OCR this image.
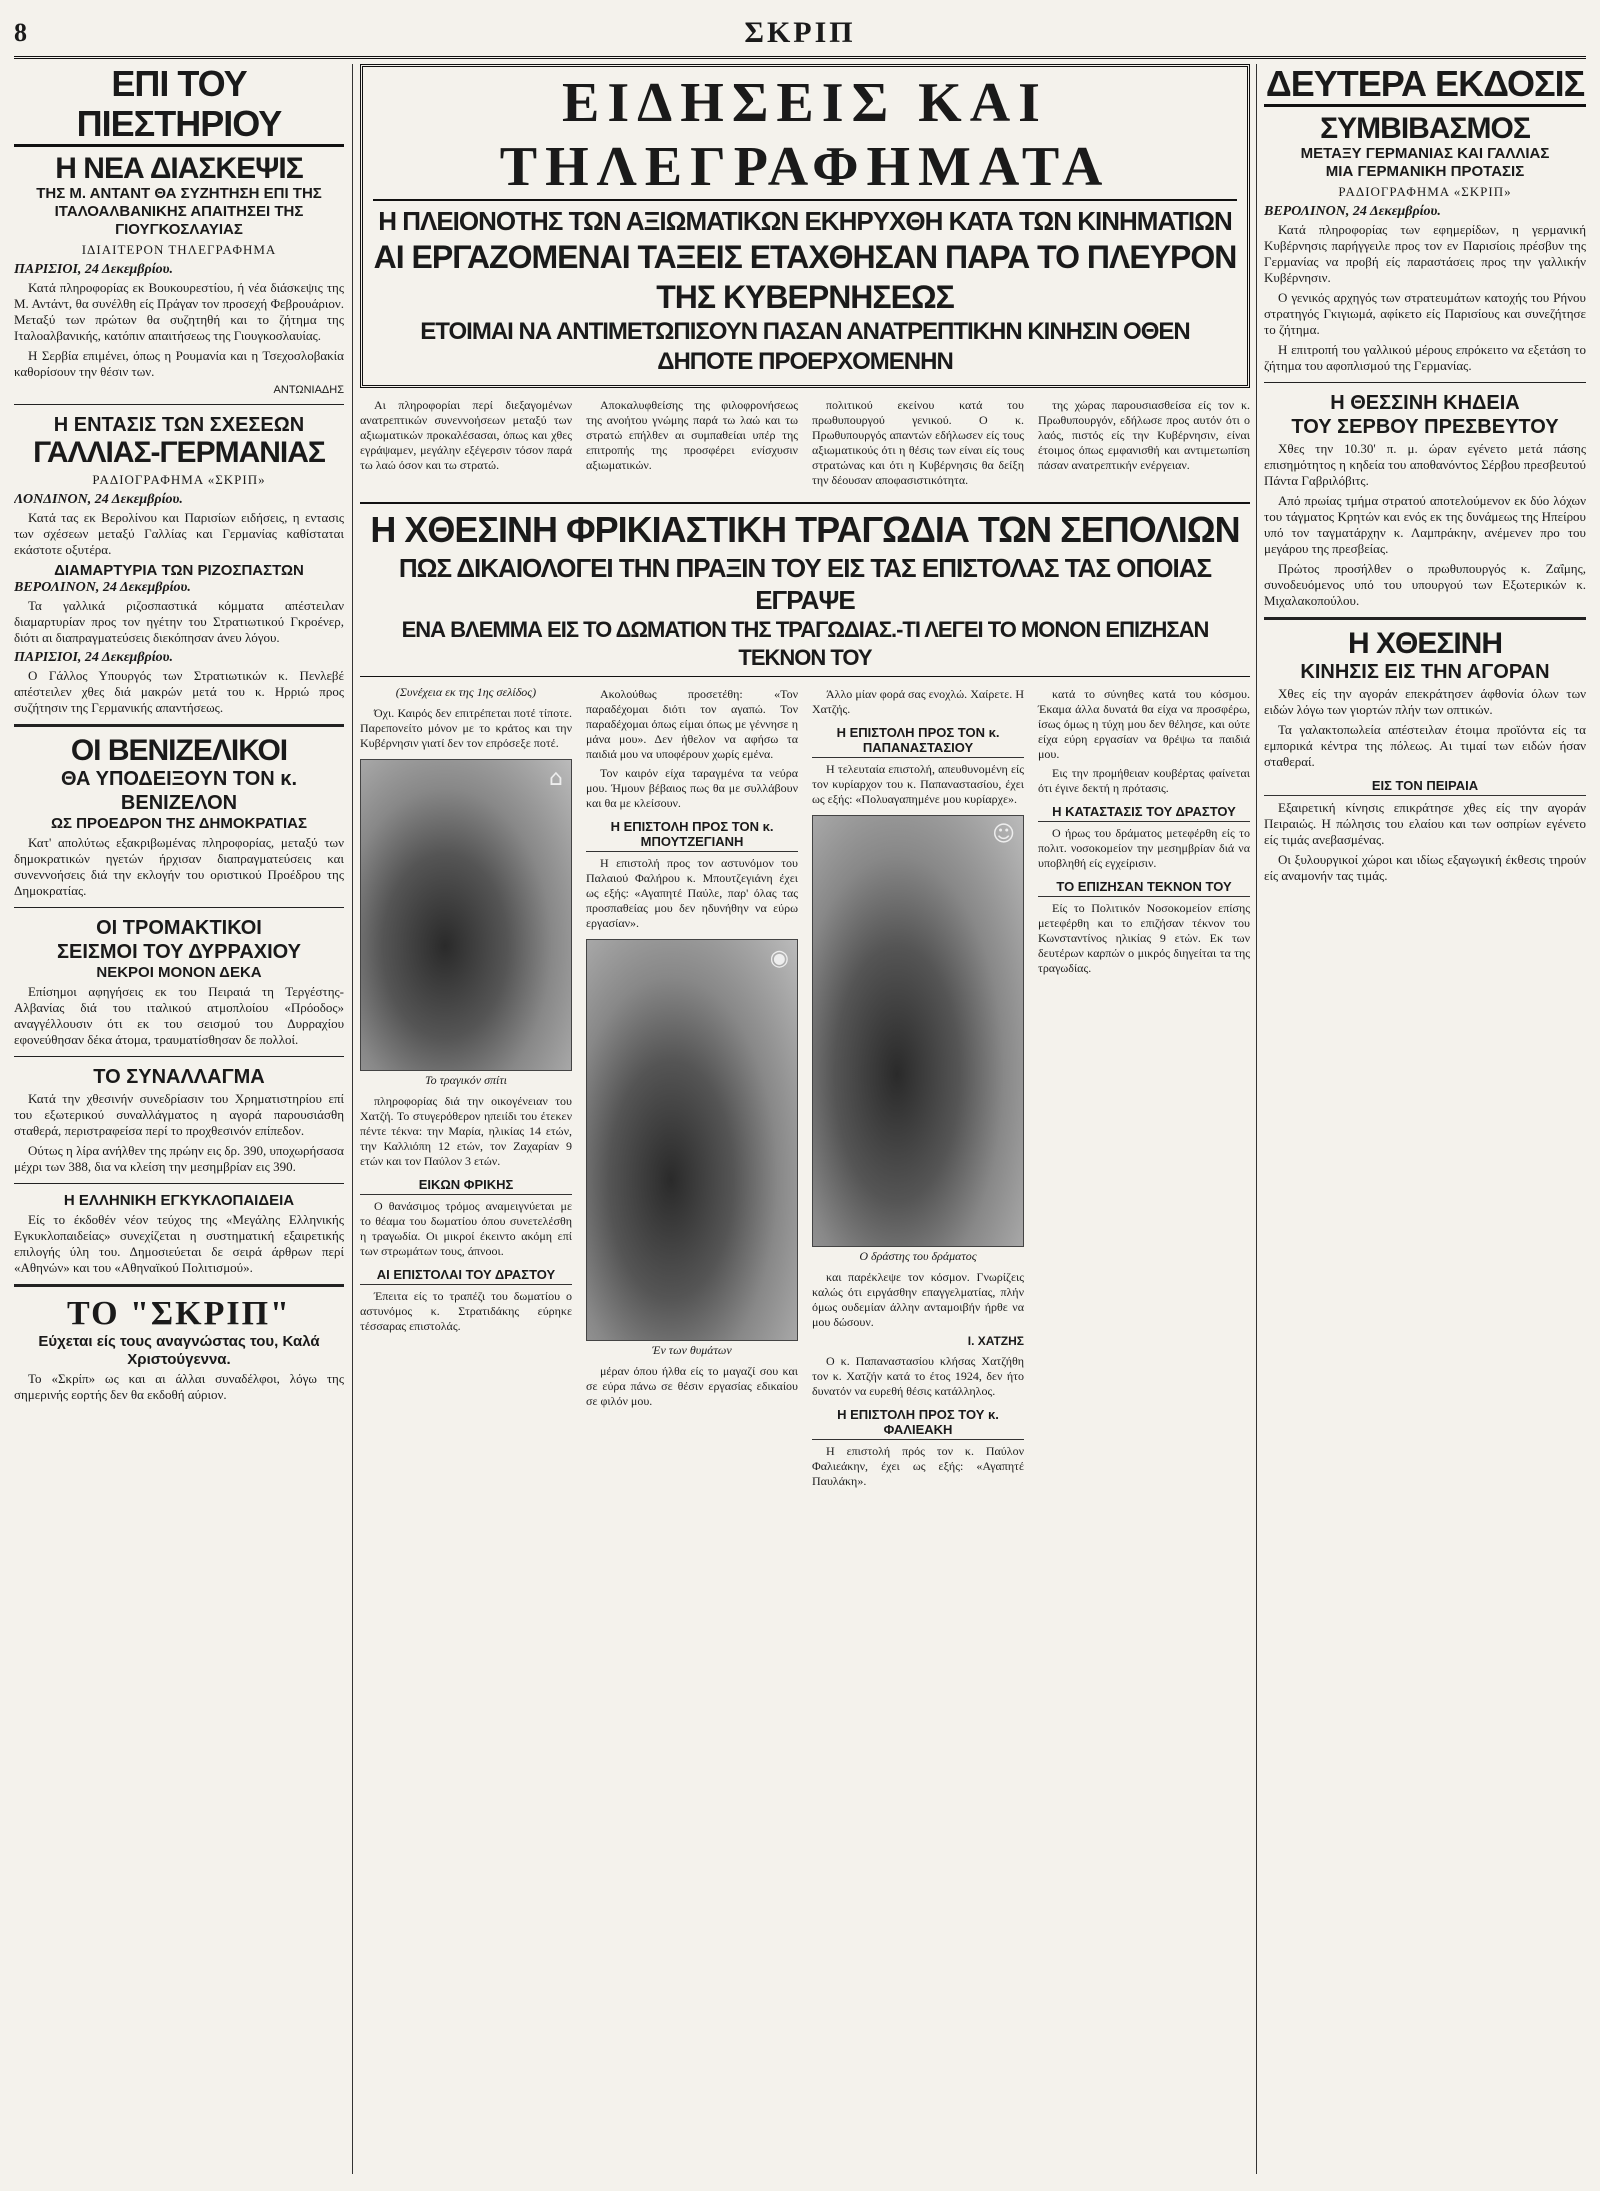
8	ΣΚΡΙΠ
ΕΠΙ ΤΟΥ ΠΙΕΣΤΗΡΙΟΥ
Η ΝΕΑ ΔΙΑΣΚΕΨΙΣ
ΤΗΣ Μ. ΑΝΤΑΝΤ ΘΑ ΣΥΖΗΤΗΣΗ ΕΠΙ ΤΗΣ ΙΤΑΛΟΑΛΒΑΝΙΚΗΣ ΑΠΑΙΤΗΣΕΙ ΤΗΣ ΓΙΟΥΓΚΟΣΛΑΥΙΑΣ
ΙΔΙΑΙΤΕΡΟΝ ΤΗΛΕΓΡΑΦΗΜΑ
ΠΑΡΙΣΙΟΙ, 24 Δεκεμβρίου.

Κατά πληροφορίας εκ Βουκουρεστίου, ή νέα διάσκεψις της Μ. Αντάντ, θα συνέλθη είς Πράγαν τον προσεχή Φεβρουάριον. Μεταξύ των πρώτων θα συζητηθή και το ζήτημα της Ιταλοαλβανικής, κατόπιν απαιτήσεως της Γιουγκοσλαυίας.

Η Σερβία επιμένει, όπως η Ρουμανία και η Τσεχοσλοβακία καθορίσουν την θέσιν των.

ΑΝΤΩΝΙΑΔΗΣ
Η ΕΝΤΑΣΙΣ ΤΩΝ ΣΧΕΣΕΩΝ
ΓΑΛΛΙΑΣ-ΓΕΡΜΑΝΙΑΣ
ΡΑΔΙΟΓΡΑΦΗΜΑ «ΣΚΡΙΠ»
ΛΟΝΔΙΝΟΝ, 24 Δεκεμβρίου.

Κατά τας εκ Βερολίνου και Παρισίων ειδήσεις, η εντασις των σχέσεων μεταξύ Γαλλίας και Γερμανίας καθίσταται εκάστοτε οξυτέρα.

ΔΙΑΜΑΡΤΥΡΙΑ ΤΩΝ ΡΙΖΟΣΠΑΣΤΩΝ
ΒΕΡΟΛΙΝΟΝ, 24 Δεκεμβρίου.

Τα γαλλικά ριζοσπαστικά κόμματα απέστειλαν διαμαρτυρίαν προς τον ηγέτην του Στρατιωτικού Γκροένερ, διότι αι διαπραγματεύσεις διεκόπησαν άνευ λόγου.

ΠΑΡΙΣΙΟΙ, 24 Δεκεμβρίου.

Ο Γάλλος Υπουργός των Στρατιωτικών κ. Πενλεβέ απέστειλεν χθες διά μακρών μετά του κ. Ηρριώ προς συζήτησιν της Γερμανικής απαντήσεως.

ΟΙ ΒΕΝΙΖΕΛΙΚΟΙ
ΘΑ ΥΠΟΔΕΙΞΟΥΝ ΤΟΝ κ. ΒΕΝΙΖΕΛΟΝ
ΩΣ ΠΡΟΕΔΡΟΝ ΤΗΣ ΔΗΜΟΚΡΑΤΙΑΣ

Κατ' απολύτως εξακριβωμένας πληροφορίας, μεταξύ των δημοκρατικών ηγετών ήρχισαν διαπραγματεύσεις και συνεννοήσεις διά την εκλογήν του οριστικού Προέδρου της Δημοκρατίας.

ΟΙ ΤΡΟΜΑΚΤΙΚΟΙ
ΣΕΙΣΜΟΙ ΤΟΥ ΔΥΡΡΑΧΙΟΥ
ΝΕΚΡΟΙ ΜΟΝΟΝ ΔΕΚΑ

Επίσημοι αφηγήσεις εκ του Πειραιά τη Τεργέστης-Αλβανίας διά του ιταλικού ατμοπλοίου «Πρόοδος» αναγγέλλουσιν ότι εκ του σεισμού του Δυρραχίου εφονεύθησαν δέκα άτομα, τραυματίσθησαν δε πολλοί.

ΤΟ ΣΥΝΑΛΛΑΓΜΑ

Κατά την χθεσινήν συνεδρίασιν του Χρηματιστηρίου επί του εξωτερικού συναλλάγματος η αγορά παρουσιάσθη σταθερά, περιστραφείσα περί το προχθεσινόν επίπεδον.

Ούτως η λίρα ανήλθεν της πρώην εις δρ. 390, υποχωρήσασα μέχρι των 388, δια να κλείση την μεσημβρίαν εις 390.

Η ΕΛΛΗΝΙΚΗ ΕΓΚΥΚΛΟΠΑΙΔΕΙΑ

Είς το έκδοθέν νέον τεύχος της «Μεγάλης Ελληνικής Εγκυκλοπαιδείας» συνεχίζεται η συστηματική εξαιρετικής επιλογής ύλη του. Δημοσιεύεται δε σειρά άρθρων περί «Αθηνών» και του «Αθηναϊκού Πολιτισμού».

ΤΟ "ΣΚΡΙΠ"
Εύχεται είς τους αναγνώστας του, Καλά Χριστούγεννα.

Το «Σκρίπ» ως και αι άλλαι συναδέλφοι, λόγω της σημερινής εορτής δεν θα εκδοθή αύριον.

ΕΙΔΗΣΕΙΣ ΚΑΙ ΤΗΛΕΓΡΑΦΗΜΑΤΑ
Η ΠΛΕΙΟΝΟΤΗΣ ΤΩΝ ΑΞΙΩΜΑΤΙΚΩΝ ΕΚΗΡΥΧΘΗ ΚΑΤΑ ΤΩΝ ΚΙΝΗΜΑΤΙΩΝ
ΑΙ ΕΡΓΑΖΟΜΕΝΑΙ ΤΑΞΕΙΣ ΕΤΑΧΘΗΣΑΝ ΠΑΡΑ ΤΟ ΠΛΕΥΡΟΝ ΤΗΣ ΚΥΒΕΡΝΗΣΕΩΣ
ΕΤΟΙΜΑΙ ΝΑ ΑΝΤΙΜΕΤΩΠΙΣΟΥΝ ΠΑΣΑΝ ΑΝΑΤΡΕΠΤΙΚΗΝ ΚΙΝΗΣΙΝ ΟΘΕΝ ΔΗΠΟΤΕ ΠΡΟΕΡΧΟΜΕΝΗΝ

Αι πληροφορίαι περί διεξαγομένων ανατρεπτικών συνεννοήσεων μεταξύ των αξιωματικών προκαλέσασαι, όπως και χθες εγράψαμεν, μεγάλην εξέγερσιν τόσον παρά τω λαώ όσον και τω στρατώ.

Αποκαλυφθείσης της φιλοφρονήσεως της ανοήτου γνώμης παρά τω λαώ και τω στρατώ επήλθεν αι συμπαθείαι υπέρ της επιτροπής της προσφέρει ενίσχυσιν αξιωματικών.

πολιτικού εκείνου κατά του πρωθυπουργού γενικού. Ο κ. Πρωθυπουργός απαντών εδήλωσεν είς τους αξιωματικούς ότι η θέσις των είναι είς τους στρατώνας και ότι η Κυβέρνησις θα δείξη την δέουσαν αποφασιστικότητα.

της χώρας παρουσιασθείσα είς τον κ. Πρωθυπουργόν, εδήλωσε προς αυτόν ότι ο λαός, πιστός είς την Κυβέρνησιν, είναι έτοιμος όπως εμφανισθή και αντιμετωπίση πάσαν ανατρεπτικήν ενέργειαν.

Η ΧΘΕΣΙΝΗ ΦΡΙΚΙΑΣΤΙΚΗ ΤΡΑΓΩΔΙΑ ΤΩΝ ΣΕΠΟΛΙΩΝ
ΠΩΣ ΔΙΚΑΙΟΛΟΓΕΙ ΤΗΝ ΠΡΑΞΙΝ ΤΟΥ ΕΙΣ ΤΑΣ ΕΠΙΣΤΟΛΑΣ ΤΑΣ ΟΠΟΙΑΣ ΕΓΡΑΨΕ
ΕΝΑ ΒΛΕΜΜΑ ΕΙΣ ΤΟ ΔΩΜΑΤΙΟΝ ΤΗΣ ΤΡΑΓΩΔΙΑΣ.-ΤΙ ΛΕΓΕΙ ΤΟ ΜΟΝΟΝ ΕΠΙΖΗΣΑΝ ΤΕΚΝΟΝ ΤΟΥ
(Συνέχεια εκ της 1ης σελίδος)

Όχι. Καιρός δεν επιτρέπεται ποτέ τίποτε. Παρεπονείτο μόνον με το κράτος και την Κυβέρνησιν γιατί δεν τον επρόσεξε ποτέ.

⌂
Το τραγικόν σπίτι

πληροφορίας διά την οικογένειαν του Χατζή. Το στυγερόθερον ηπειίδι του έτεκεν πέντε τέκνα: την Μαρία, ηλικίας 14 ετών, την Καλλιόπη 12 ετών, τον Ζαχαρίαν 9 ετών και τον Παύλον 3 ετών.

ΕΙΚΩΝ ΦΡΙΚΗΣ

Ο θανάσιμος τρόμος αναμειγνύεται με το θέαμα του δωματίου όπου συνετελέσθη η τραγωδία. Οι μικροί έκειντο ακόμη επί των στρωμάτων τους, άπνοοι.

ΑΙ ΕΠΙΣΤΟΛΑΙ ΤΟΥ ΔΡΑΣΤΟΥ

Έπειτα είς το τραπέζι του δωματίου ο αστυνόμος κ. Στρατιδάκης εύρηκε τέσσαρας επιστολάς.

Ακολούθως προσετέθη: «Τον παραδέχομαι διότι τον αγαπώ. Τον παραδέχομαι όπως είμαι όπως με γέννησε η μάνα μου». Δεν ήθελον να αφήσω τα παιδιά μου να υποφέρουν χωρίς εμένα.

Τον καιρόν είχα ταραγμένα τα νεύρα μου. Ήμουν βέβαιος πως θα με συλλάβουν και θα με κλείσουν.

Η ΕΠΙΣΤΟΛΗ ΠΡΟΣ ΤΟΝ κ. ΜΠΟΥΤΖΕΓΙΑΝΗ

Η επιστολή προς τον αστυνόμον του Παλαιού Φαλήρου κ. Μπουτζεγιάνη έχει ως εξής: «Αγαπητέ Παύλε, παρ' όλας τας προσπαθείας μου δεν ηδυνήθην να εύρω εργασίαν».

◉
Έν των θυμάτων

μέραν όπου ήλθα είς το μαγαζί σου και σε εύρα πάνω σε θέσιν εργασίας εδικαίου σε φιλόν μου.

Άλλο μίαν φορά σας ενοχλώ. Χαίρετε. Η Χατζής.

Η ΕΠΙΣΤΟΛΗ ΠΡΟΣ ΤΟΝ κ. ΠΑΠΑΝΑΣΤΑΣΙΟΥ

Η τελευταία επιστολή, απευθυνομένη είς τον κυρίαρχον του κ. Παπαναστασίου, έχει ως εξής: «Πολυαγαπημένε μου κυρίαρχε».

☺
Ο δράστης του δράματος

και παρέκλεψε τον κόσμον. Γνωρίζεις καλώς ότι ειργάσθην επαγγελματίας, πλήν όμως ουδεμίαν άλλην ανταμοιβήν ήρθε να μου δώσουν.

Ι. ΧΑΤΖΗΣ

Ο κ. Παπαναστασίου κλήσας Χατζήθη τον κ. Χατζήν κατά το έτος 1924, δεν ήτο δυνατόν να ευρεθή θέσις κατάλληλος.

Η ΕΠΙΣΤΟΛΗ ΠΡΟΣ ΤΟΥ κ. ΦΑΛΙΕΑΚΗ

Η επιστολή πρός τον κ. Παύλον Φαλιεάκην, έχει ως εξής: «Αγαπητέ Παυλάκη».

κατά το σύνηθες κατά του κόσμου. Έκαμα άλλα δυνατά θα είχα να προσφέρω, ίσως όμως η τύχη μου δεν θέλησε, και ούτε είχα εύρη εργασίαν να θρέψω τα παιδιά μου.

Εις την προμήθειαν κουβέρτας φαίνεται ότι έγινε δεκτή η πρότασις.

Η ΚΑΤΑΣΤΑΣΙΣ ΤΟΥ ΔΡΑΣΤΟΥ

Ο ήρως του δράματος μετεφέρθη είς το πολιτ. νοσοκομείον την μεσημβρίαν διά να υποβληθή είς εγχείρισιν.

ΤΟ ΕΠΙΖΗΣΑΝ ΤΕΚΝΟΝ ΤΟΥ

Είς το Πολιτικόν Νοσοκομείον επίσης μετεφέρθη και το επιζήσαν τέκνον του Κωνσταντίνος ηλικίας 9 ετών. Εκ των δευτέρων καρπών ο μικρός διηγείται τα της τραγωδίας.

ΔΕΥΤΕΡΑ ΕΚΔΟΣΙΣ
ΣΥΜΒΙΒΑΣΜΟΣ
ΜΕΤΑΞΥ ΓΕΡΜΑΝΙΑΣ ΚΑΙ ΓΑΛΛΙΑΣ
ΜΙΑ ΓΕΡΜΑΝΙΚΗ ΠΡΟΤΑΣΙΣ
ΡΑΔΙΟΓΡΑΦΗΜΑ «ΣΚΡΙΠ»
ΒΕΡΟΛΙΝΟΝ, 24 Δεκεμβρίου.

Κατά πληροφορίας των εφημερίδων, η γερμανική Κυβέρνησις παρήγγειλε προς τον εν Παρισίοις πρέσβυν της Γερμανίας να προβή είς παραστάσεις προς την γαλλικήν Κυβέρνησιν.

Ο γενικός αρχηγός των στρατευμάτων κατοχής του Ρήνου στρατηγός Γκιγιωμά, αφίκετο είς Παρισίους και συνεζήτησε το ζήτημα.

Η επιτροπή του γαλλικού μέρους επρόκειτο να εξετάση το ζήτημα του αφοπλισμού της Γερμανίας.

Η ΘΕΣΣΙΝΗ ΚΗΔΕΙΑ
ΤΟΥ ΣΕΡΒΟΥ ΠΡΕΣΒΕΥΤΟΥ

Χθες την 10.30' π. μ. ώραν εγένετο μετά πάσης επισημότητος η κηδεία του αποθανόντος Σέρβου πρεσβευτού Πάντα Γαβριλόβιτς.

Από πρωίας τμήμα στρατού αποτελούμενον εκ δύο λόχων του τάγματος Κρητών και ενός εκ της δυνάμεως της Ηπείρου υπό τον ταγματάρχην κ. Λαμπράκην, ανέμενεν προ του μεγάρου της πρεσβείας.

Πρώτος προσήλθεν ο πρωθυπουργός κ. Ζαΐμης, συνοδευόμενος υπό του υπουργού των Εξωτερικών κ. Μιχαλακοπούλου.

Η ΧΘΕΣΙΝΗ
ΚΙΝΗΣΙΣ ΕΙΣ ΤΗΝ ΑΓΟΡΑΝ

Χθες είς την αγοράν επεκράτησεν άφθονία όλων των ειδών λόγω των γιορτών πλήν των οπτικών.

Τα γαλακτοπωλεία απέστειλαν έτοιμα προϊόντα είς τα εμπορικά κέντρα της πόλεως. Αι τιμαί των ειδών ήσαν σταθεραί.

ΕΙΣ ΤΟΝ ΠΕΙΡΑΙΑ

Εξαιρετική κίνησις επικράτησε χθες είς την αγοράν Πειραιώς. Η πώλησις του ελαίου και των οσπρίων εγένετο είς τιμάς ανεβασμένας.

Οι ξυλουργικοί χώροι και ιδίως εξαγωγική έκθεσις τηρούν είς αναμονήν τας τιμάς.
